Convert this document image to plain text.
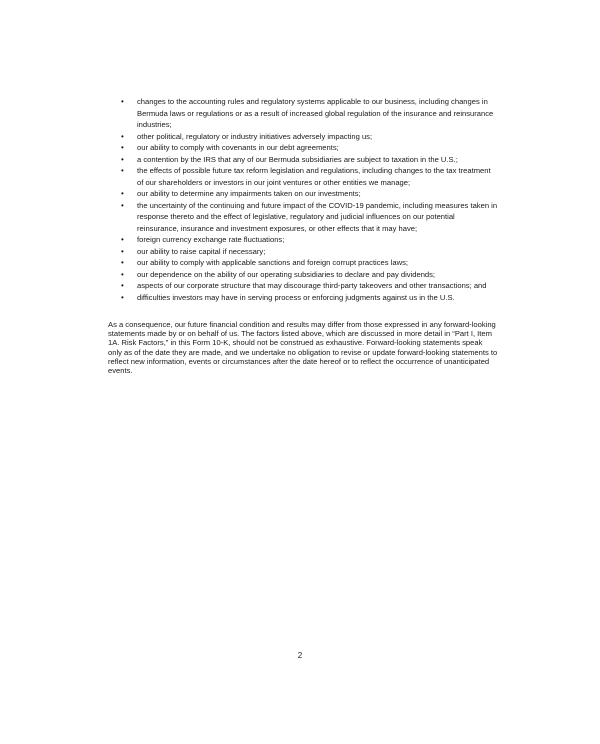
• changes to the accounting rules and regulatory systems applicable to our business, including changes in Bermuda laws or regulations or as a result of increased global regulation of the insurance and reinsurance industries;
• other political, regulatory or industry initiatives adversely impacting us;
• our ability to comply with covenants in our debt agreements;
• a contention by the IRS that any of our Bermuda subsidiaries are subject to taxation in the U.S.;
• the effects of possible future tax reform legislation and regulations, including changes to the tax treatment of our shareholders or investors in our joint ventures or other entities we manage;
• our ability to determine any impairments taken on our investments;
• the uncertainty of the continuing and future impact of the COVID-19 pandemic, including measures taken in response thereto and the effect of legislative, regulatory and judicial influences on our potential reinsurance, insurance and investment exposures, or other effects that it may have;
• foreign currency exchange rate fluctuations;
• our ability to raise capital if necessary;
• our ability to comply with applicable sanctions and foreign corrupt practices laws;
• our dependence on the ability of our operating subsidiaries to declare and pay dividends;
• aspects of our corporate structure that may discourage third-party takeovers and other transactions; and
• difficulties investors may have in serving process or enforcing judgments against us in the U.S.

As a consequence, our future financial condition and results may differ from those expressed in any forward-looking statements made by or on behalf of us. The factors listed above, which are discussed in more detail in “Part I, Item 1A. Risk Factors,” in this Form 10-K, should not be construed as exhaustive. Forward-looking statements speak only as of the date they are made, and we undertake no obligation to revise or update forward-looking statements to reflect new information, events or circumstances after the date hereof or to reflect the occurrence of unanticipated events.

2
